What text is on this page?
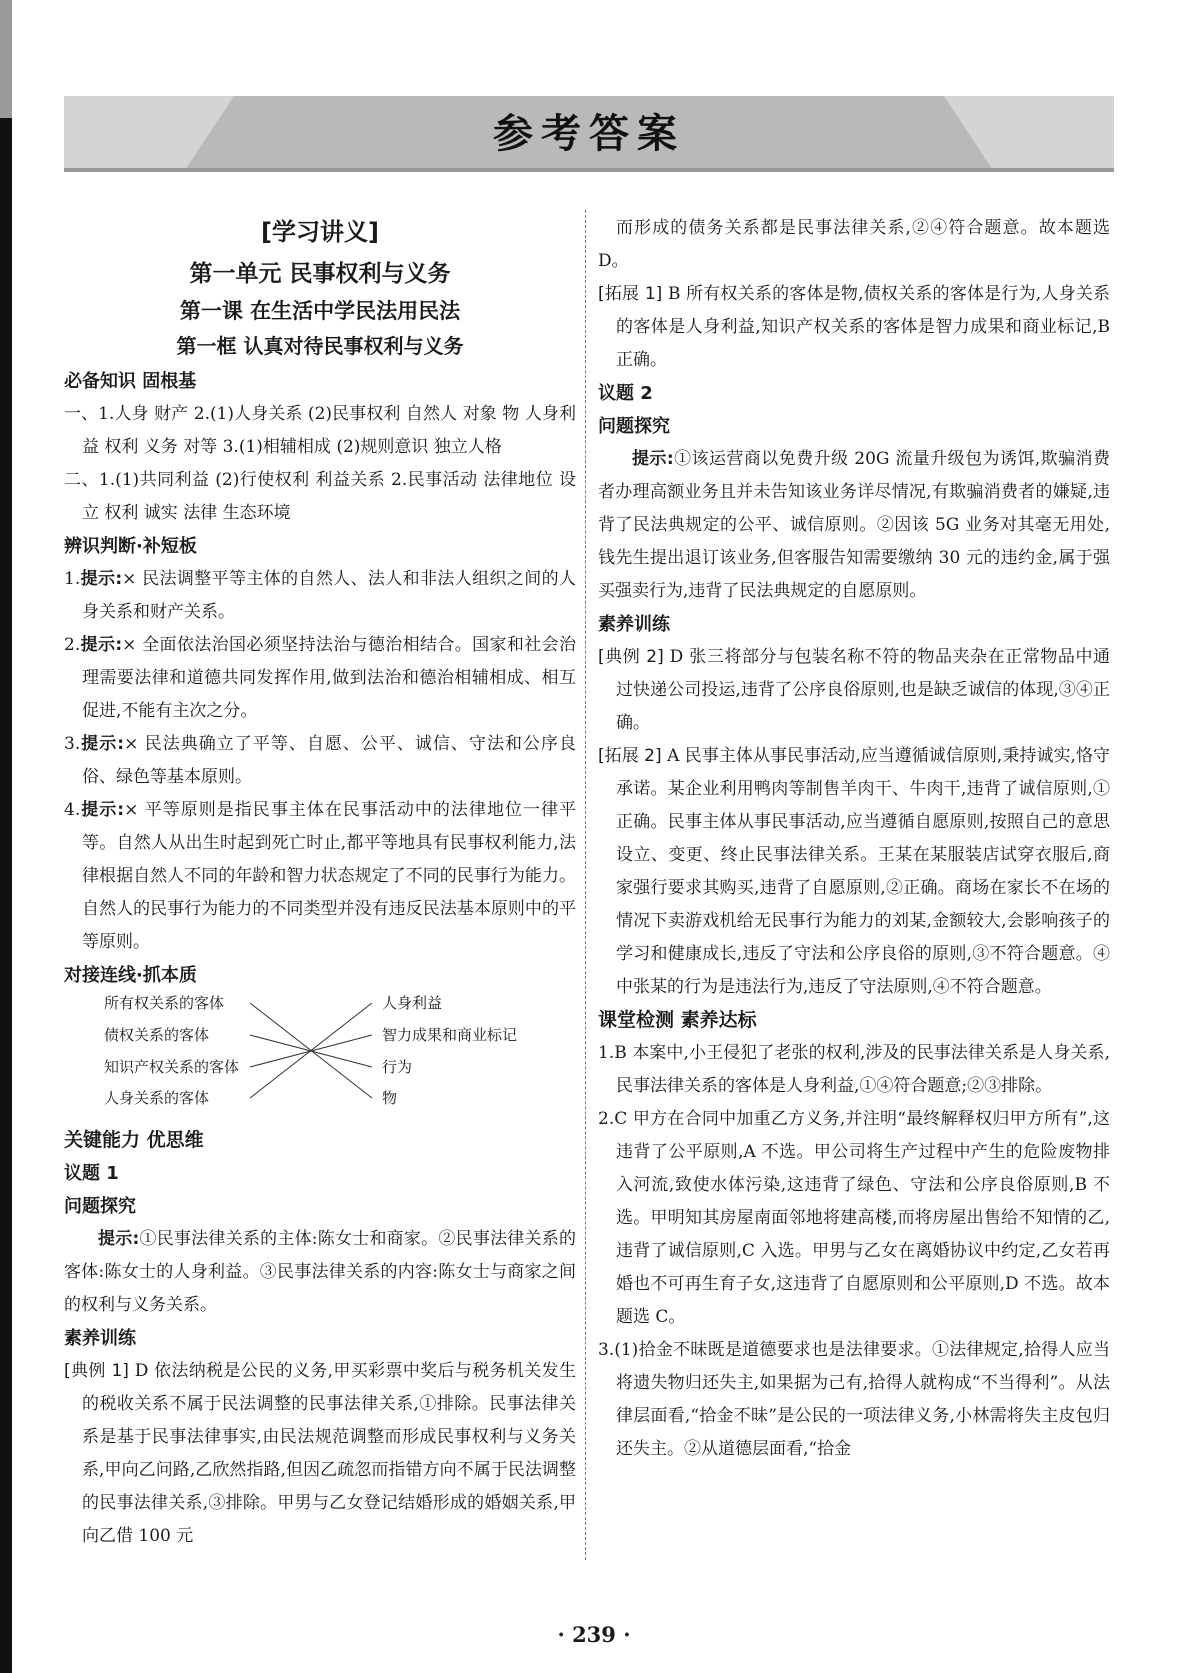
参考答案

[学习讲义]

第一单元 民事权利与义务

第一课 在生活中学民法用民法

第一框 认真对待民事权利与义务

必备知识 固根基

一、1.人身 财产 2.(1)人身关系 (2)民事权利 自然人 对象 物 人身利益 权利 义务 对等 3.(1)相辅相成 (2)规则意识 独立人格

二、1.(1)共同利益 (2)行使权利 利益关系 2.民事活动 法律地位 设立 权利 诚实 法律 生态环境

辨识判断·补短板

1.提示:× 民法调整平等主体的自然人、法人和非法人组织之间的人身关系和财产关系。

2.提示:× 全面依法治国必须坚持法治与德治相结合。国家和社会治理需要法律和道德共同发挥作用,做到法治和德治相辅相成、相互促进,不能有主次之分。

3.提示:× 民法典确立了平等、自愿、公平、诚信、守法和公序良俗、绿色等基本原则。

4.提示:× 平等原则是指民事主体在民事活动中的法律地位一律平等。自然人从出生时起到死亡时止,都平等地具有民事权利能力,法律根据自然人不同的年龄和智力状态规定了不同的民事行为能力。自然人的民事行为能力的不同类型并没有违反民法基本原则中的平等原则。

对接连线·抓本质

所有权关系的客体
债权关系的客体
知识产权关系的客体
人身关系的客体
人身利益
智力成果和商业标记
行为
物

关键能力 优思维

议题 1

问题探究

提示:①民事法律关系的主体:陈女士和商家。②民事法律关系的客体:陈女士的人身利益。③民事法律关系的内容:陈女士与商家之间的权利与义务关系。

素养训练

[典例 1] D 依法纳税是公民的义务,甲买彩票中奖后与税务机关发生的税收关系不属于民法调整的民事法律关系,①排除。民事法律关系是基于民事法律事实,由民法规范调整而形成民事权利与义务关系,甲向乙问路,乙欣然指路,但因乙疏忽而指错方向不属于民法调整的民事法律关系,③排除。甲男与乙女登记结婚形成的婚姻关系,甲向乙借 100 元

而形成的债务关系都是民事法律关系,②④符合题意。故本题选 D。

[拓展 1] B 所有权关系的客体是物,债权关系的客体是行为,人身关系的客体是人身利益,知识产权关系的客体是智力成果和商业标记,B 正确。

议题 2

问题探究

提示:①该运营商以免费升级 20G 流量升级包为诱饵,欺骗消费者办理高额业务且并未告知该业务详尽情况,有欺骗消费者的嫌疑,违背了民法典规定的公平、诚信原则。②因该 5G 业务对其毫无用处,钱先生提出退订该业务,但客服告知需要缴纳 30 元的违约金,属于强买强卖行为,违背了民法典规定的自愿原则。

素养训练

[典例 2] D 张三将部分与包装名称不符的物品夹杂在正常物品中通过快递公司投运,违背了公序良俗原则,也是缺乏诚信的体现,③④正确。

[拓展 2] A 民事主体从事民事活动,应当遵循诚信原则,秉持诚实,恪守承诺。某企业利用鸭肉等制售羊肉干、牛肉干,违背了诚信原则,①正确。民事主体从事民事活动,应当遵循自愿原则,按照自己的意思设立、变更、终止民事法律关系。王某在某服装店试穿衣服后,商家强行要求其购买,违背了自愿原则,②正确。商场在家长不在场的情况下卖游戏机给无民事行为能力的刘某,金额较大,会影响孩子的学习和健康成长,违反了守法和公序良俗的原则,③不符合题意。④中张某的行为是违法行为,违反了守法原则,④不符合题意。

课堂检测 素养达标

1.B 本案中,小王侵犯了老张的权利,涉及的民事法律关系是人身关系,民事法律关系的客体是人身利益,①④符合题意;②③排除。

2.C 甲方在合同中加重乙方义务,并注明“最终解释权归甲方所有”,这违背了公平原则,A 不选。甲公司将生产过程中产生的危险废物排入河流,致使水体污染,这违背了绿色、守法和公序良俗原则,B 不选。甲明知其房屋南面邻地将建高楼,而将房屋出售给不知情的乙,违背了诚信原则,C 入选。甲男与乙女在离婚协议中约定,乙女若再婚也不可再生育子女,这违背了自愿原则和公平原则,D 不选。故本题选 C。

3.(1)拾金不昧既是道德要求也是法律要求。①法律规定,拾得人应当将遗失物归还失主,如果据为己有,拾得人就构成“不当得利”。从法律层面看,“拾金不昧”是公民的一项法律义务,小林需将失主皮包归还失主。②从道德层面看,“拾金

· 239 ·
